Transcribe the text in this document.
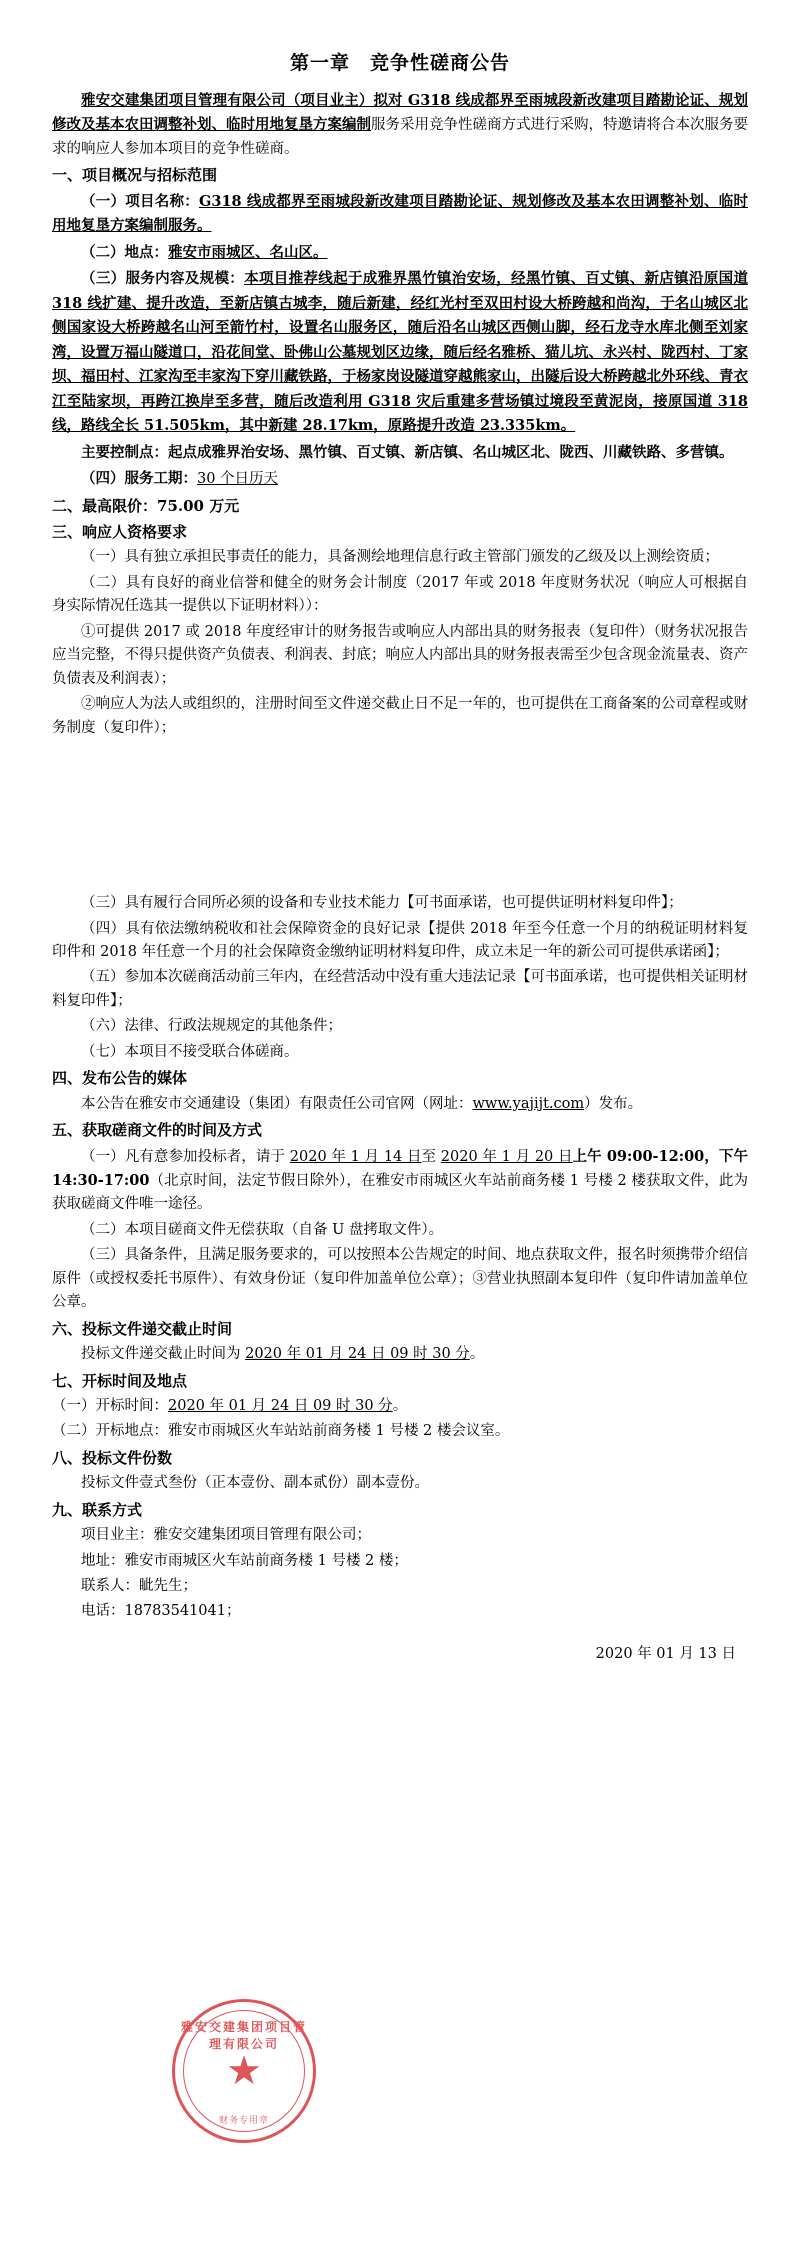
第一章　竞争性磋商公告

雅安交建集团项目管理有限公司（项目业主）拟对 G318 线成都界至雨城段新改建项目踏勘论证、规划修改及基本农田调整补划、临时用地复垦方案编制服务采用竞争性磋商方式进行采购，特邀请将合本次服务要求的响应人参加本项目的竞争性磋商。

一、项目概况与招标范围

（一）项目名称：G318 线成都界至雨城段新改建项目踏勘论证、规划修改及基本农田调整补划、临时用地复垦方案编制服务。

（二）地点：雅安市雨城区、名山区。

（三）服务内容及规模：本项目推荐线起于成雅界黑竹镇治安场，经黑竹镇、百丈镇、新店镇沿原国道 318 线扩建、提升改造，至新店镇古城李，随后新建，经红光村至双田村设大桥跨越和尚沟，于名山城区北侧国家设大桥跨越名山河至箭竹村，设置名山服务区，随后沿名山城区西侧山脚，经石龙寺水库北侧至刘家湾，设置万福山隧道口，沿花间堂、卧佛山公墓规划区边缘，随后经名雅桥、猫儿坑、永兴村、陇西村、丁家坝、福田村、江家沟至丰家沟下穿川藏铁路，于杨家岗设隧道穿越熊家山，出隧后设大桥跨越北外环线、青衣江至陆家坝，再跨江换岸至多营，随后改造利用 G318 灾后重建多营场镇过境段至黄泥岗，接原国道 318 线，路线全长 51.505km，其中新建 28.17km，原路提升改造 23.335km。

主要控制点：起点成雅界治安场、黑竹镇、百丈镇、新店镇、名山城区北、陇西、川藏铁路、多营镇。

（四）服务工期：30 个日历天

二、最高限价：75.00 万元

三、响应人资格要求

（一）具有独立承担民事责任的能力，具备测绘地理信息行政主管部门颁发的乙级及以上测绘资质；

（二）具有良好的商业信誉和健全的财务会计制度（2017 年或 2018 年度财务状况（响应人可根据自身实际情况任选其一提供以下证明材料））：

①可提供 2017 或 2018 年度经审计的财务报告或响应人内部出具的财务报表（复印件）（财务状况报告应当完整，不得只提供资产负债表、利润表、封底；响应人内部出具的财务报表需至少包含现金流量表、资产负债表及利润表）；

②响应人为法人或组织的，注册时间至文件递交截止日不足一年的，也可提供在工商备案的公司章程或财务制度（复印件）；

（三）具有履行合同所必须的设备和专业技术能力【可书面承诺，也可提供证明材料复印件】；

（四）具有依法缴纳税收和社会保障资金的良好记录【提供 2018 年至今任意一个月的纳税证明材料复印件和 2018 年任意一个月的社会保障资金缴纳证明材料复印件，成立未足一年的新公司可提供承诺函】；

（五）参加本次磋商活动前三年内，在经营活动中没有重大违法记录【可书面承诺，也可提供相关证明材料复印件】；

（六）法律、行政法规规定的其他条件；

（七）本项目不接受联合体磋商。

四、发布公告的媒体

本公告在雅安市交通建设（集团）有限责任公司官网（网址：www.yajijt.com）发布。

五、获取磋商文件的时间及方式

（一）凡有意参加投标者，请于 2020 年 1 月 14 日至 2020 年 1 月 20 日上午 09:00-12:00，下午 14:30-17:00（北京时间，法定节假日除外），在雅安市雨城区火车站前商务楼 1 号楼 2 楼获取文件，此为获取磋商文件唯一途径。

（二）本项目磋商文件无偿获取（自备 U 盘拷取文件）。

（三）具备条件，且满足服务要求的，可以按照本公告规定的时间、地点获取文件，报名时须携带介绍信原件（或授权委托书原件）、有效身份证（复印件加盖单位公章）；③营业执照副本复印件（复印件请加盖单位公章。

六、投标文件递交截止时间

投标文件递交截止时间为 2020 年 01 月 24 日 09 时 30 分。

七、开标时间及地点

（一）开标时间：2020 年 01 月 24 日 09 时 30 分。

（二）开标地点：雅安市雨城区火车站站前商务楼 1 号楼 2 楼会议室。

八、投标文件份数

投标文件壹式叁份（正本壹份、副本贰份）副本壹份。

九、联系方式

项目业主：雅安交建集团项目管理有限公司；

地址：雅安市雨城区火车站前商务楼 1 号楼 2 楼；

联系人：眦先生；

电话：18783541041；

2020 年 01 月 13 日
雅安交建集团项目管理有限公司
★
财务专用章
